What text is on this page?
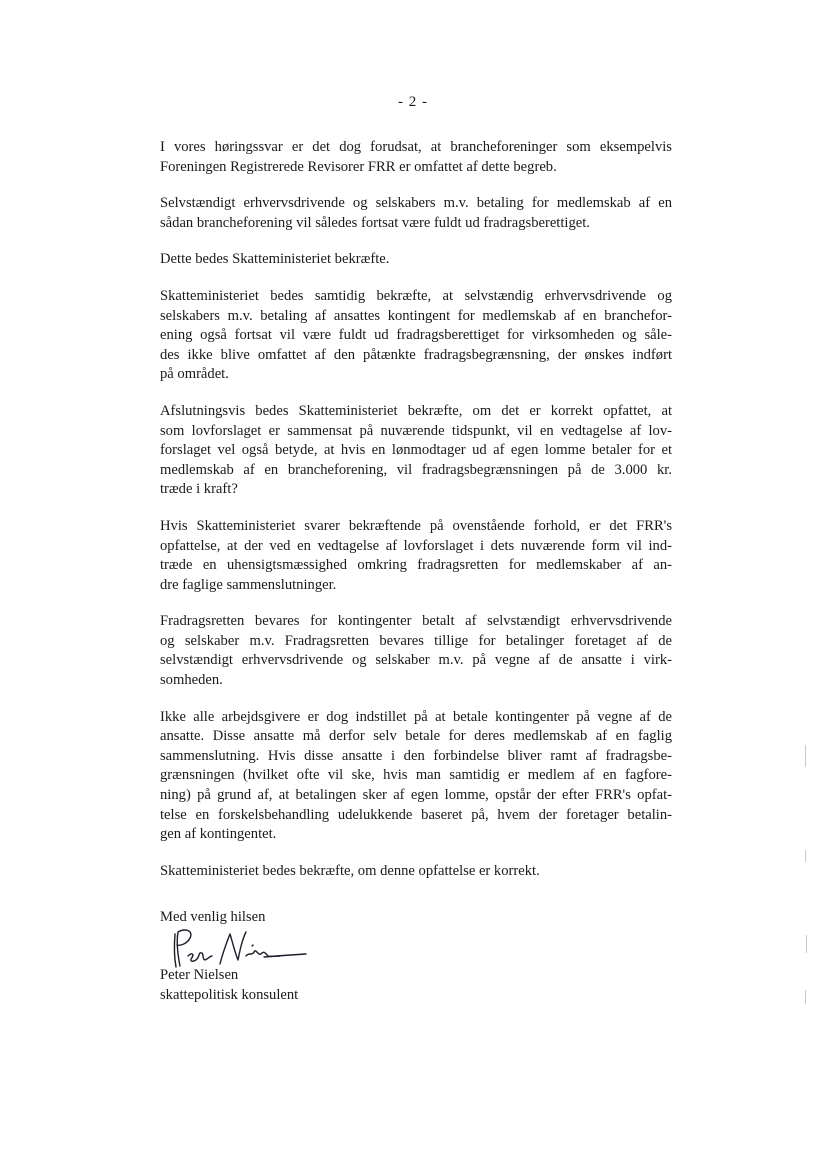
- 2 -

I vores høringssvar er det dog forudsat, at brancheforeninger som eksempelvis
Foreningen Registrerede Revisorer FRR er omfattet af dette begreb.

Selvstændigt erhvervsdrivende og selskabers m.v. betaling for medlemskab af en
sådan brancheforening vil således fortsat være fuldt ud fradragsberettiget.

Dette bedes Skatteministeriet bekræfte.

Skatteministeriet bedes samtidig bekræfte, at selvstændig erhvervsdrivende og
selskabers m.v. betaling af ansattes kontingent for medlemskab af en branchefor-
ening også fortsat vil være fuldt ud fradragsberettiget for virksomheden og såle-
des ikke blive omfattet af den påtænkte fradragsbegrænsning, der ønskes indført
på området.

Afslutningsvis bedes Skatteministeriet bekræfte, om det er korrekt opfattet, at
som lovforslaget er sammensat på nuværende tidspunkt, vil en vedtagelse af lov-
forslaget vel også betyde, at hvis en lønmodtager ud af egen lomme betaler for et
medlemskab af en brancheforening, vil fradragsbegrænsningen på de 3.000 kr.
træde i kraft?

Hvis Skatteministeriet svarer bekræftende på ovenstående forhold, er det FRR's
opfattelse, at der ved en vedtagelse af lovforslaget i dets nuværende form vil ind-
træde en uhensigtsmæssighed omkring fradragsretten for medlemskaber af an-
dre faglige sammenslutninger.

Fradragsretten bevares for kontingenter betalt af selvstændigt erhvervsdrivende
og selskaber m.v. Fradragsretten bevares tillige for betalinger foretaget af de
selvstændigt erhvervsdrivende og selskaber m.v. på vegne af de ansatte i virk-
somheden.

Ikke alle arbejdsgivere er dog indstillet på at betale kontingenter på vegne af de
ansatte. Disse ansatte må derfor selv betale for deres medlemskab af en faglig
sammenslutning. Hvis disse ansatte i den forbindelse bliver ramt af fradragsbe-
grænsningen (hvilket ofte vil ske, hvis man samtidig er medlem af en fagfore-
ning) på grund af, at betalingen sker af egen lomme, opstår der efter FRR's opfat-
telse en forskelsbehandling udelukkende baseret på, hvem der foretager betalin-
gen af kontingentet.

Skatteministeriet bedes bekræfte, om denne opfattelse er korrekt.

Med venlig hilsen
Peter Nielsen
skattepolitisk konsulent
